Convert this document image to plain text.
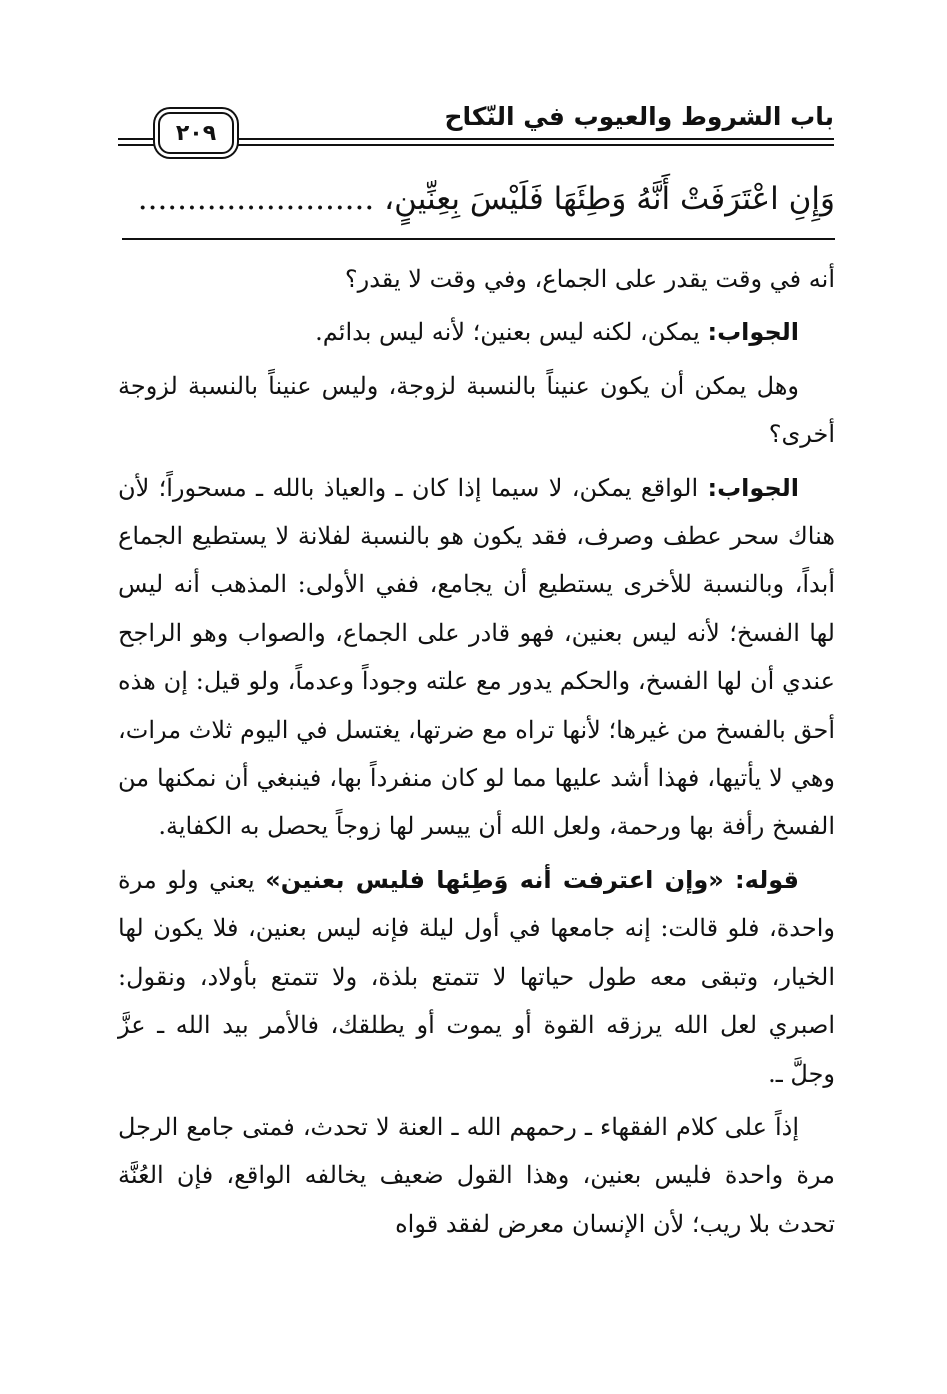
باب الشروط والعيوب في النّكاح
٢٠٩
وَإِنِ اعْتَرَفَتْ أَنَّهُ وَطِئَهَا فَلَيْسَ بِعِنِّينٍ، ........................

أنه في وقت يقدر على الجماع، وفي وقت لا يقدر؟

الجواب: يمكن، لكنه ليس بعنين؛ لأنه ليس بدائم.

وهل يمكن أن يكون عنيناً بالنسبة لزوجة، وليس عنيناً بالنسبة لزوجة أخرى؟

الجواب: الواقع يمكن، لا سيما إذا كان ـ والعياذ بالله ـ مسحوراً؛ لأن هناك سحر عطف وصرف، فقد يكون هو بالنسبة لفلانة لا يستطيع الجماع أبداً، وبالنسبة للأخرى يستطيع أن يجامع، ففي الأولى: المذهب أنه ليس لها الفسخ؛ لأنه ليس بعنين، فهو قادر على الجماع، والصواب وهو الراجح عندي أن لها الفسخ، والحكم يدور مع علته وجوداً وعدماً، ولو قيل: إن هذه أحق بالفسخ من غيرها؛ لأنها تراه مع ضرتها، يغتسل في اليوم ثلاث مرات، وهي لا يأتيها، فهذا أشد عليها مما لو كان منفرداً بها، فينبغي أن نمكنها من الفسخ رأفة بها ورحمة، ولعل الله أن ييسر لها زوجاً يحصل به الكفاية.

قوله: «وإن اعترفت أنه وَطِئها فليس بعنين» يعني ولو مرة واحدة، فلو قالت: إنه جامعها في أول ليلة فإنه ليس بعنين، فلا يكون لها الخيار، وتبقى معه طول حياتها لا تتمتع بلذة، ولا تتمتع بأولاد، ونقول: اصبري لعل الله يرزقه القوة أو يموت أو يطلقك، فالأمر بيد الله ـ عزَّ وجلَّ ـ.

إذاً على كلام الفقهاء ـ رحمهم الله ـ العنة لا تحدث، فمتى جامع الرجل مرة واحدة فليس بعنين، وهذا القول ضعيف يخالفه الواقع، فإن العُنَّة تحدث بلا ريب؛ لأن الإنسان معرض لفقد قواه
